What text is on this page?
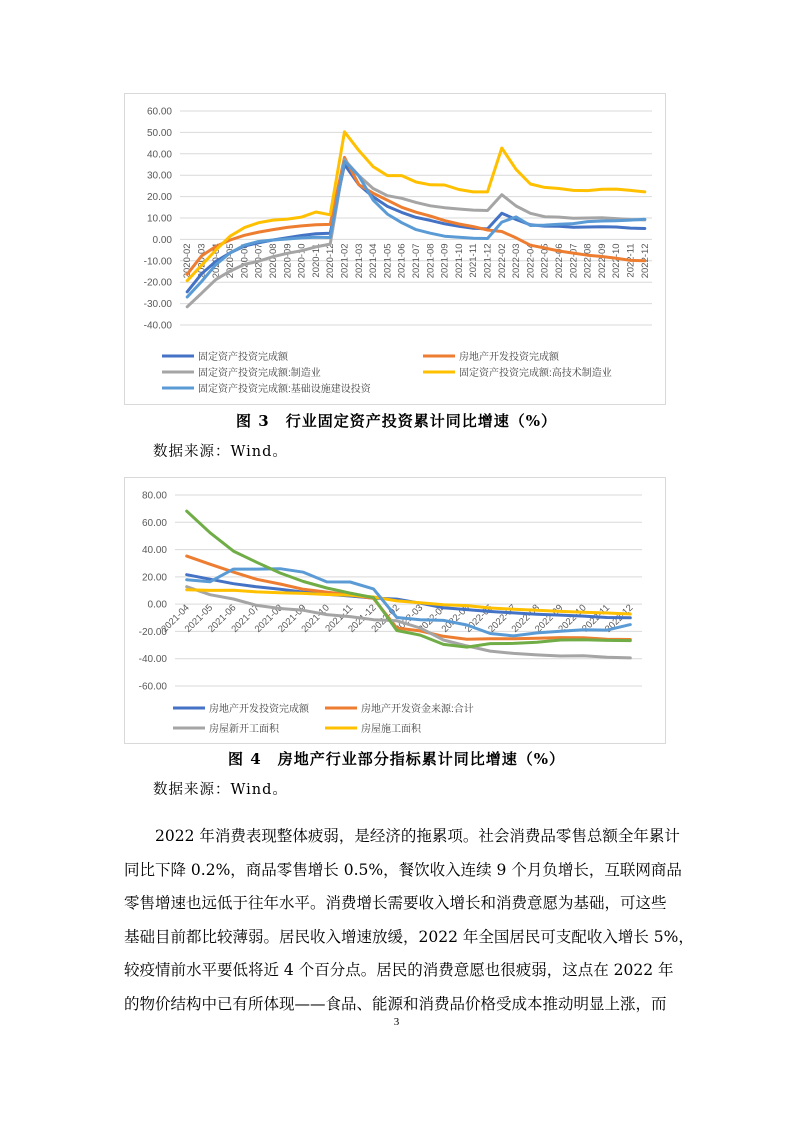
60.00
50.00
40.00
30.00
20.00
10.00
0.00
-10.00
-20.00
-30.00
-40.00
2020-02 2020-03 2020-04 2020-05 2020-06 2020-07 2020-08 2020-09 2020-10 2020-11 2020-12 2021-02 2021-03 2021-04 2021-05 2021-06 2021-07 2021-08 2021-09 2021-10 2021-11 2021-12 2022-02 2022-03 2022-04 2022-05 2022-06 2022-07 2022-08 2022-09 2022-10 2022-11 2022-12
固定资产投资完成额	房地产开发投资完成额
固定资产投资完成额:制造业	固定资产投资完成额:高技术制造业
固定资产投资完成额:基础设施建设投资
图 3　行业固定资产投资累计同比增速（%）
数据来源：Wind。
80.00
60.00
40.00
20.00
0.00
-20.00
-40.00
-60.00
2021-04
2021-05
2021-06
2021-07
2021-08
2021-09
2021-10
2021-11
2021-12
2022-02
2022-03
2022-04
2022-05
2022-06
2022-07
2022-08
2022-09
2022-10
2022-11
2022-12
房地产开发投资完成额	房地产开发资金来源:合计
房屋新开工面积	房屋施工面积
图 4　房地产行业部分指标累计同比增速（%）
数据来源：Wind。

2022 年消费表现整体疲弱，是经济的拖累项。社会消费品零售总额全年累计
同比下降 0.2%，商品零售增长 0.5%，餐饮收入连续 9 个月负增长，互联网商品
零售增速也远低于往年水平。消费增长需要收入增长和消费意愿为基础，可这些
基础目前都比较薄弱。居民收入增速放缓，2022 年全国居民可支配收入增长 5%，
较疫情前水平要低将近 4 个百分点。居民的消费意愿也很疲弱，这点在 2022 年
的物价结构中已有所体现——食品、能源和消费品价格受成本推动明显上涨，而

3
